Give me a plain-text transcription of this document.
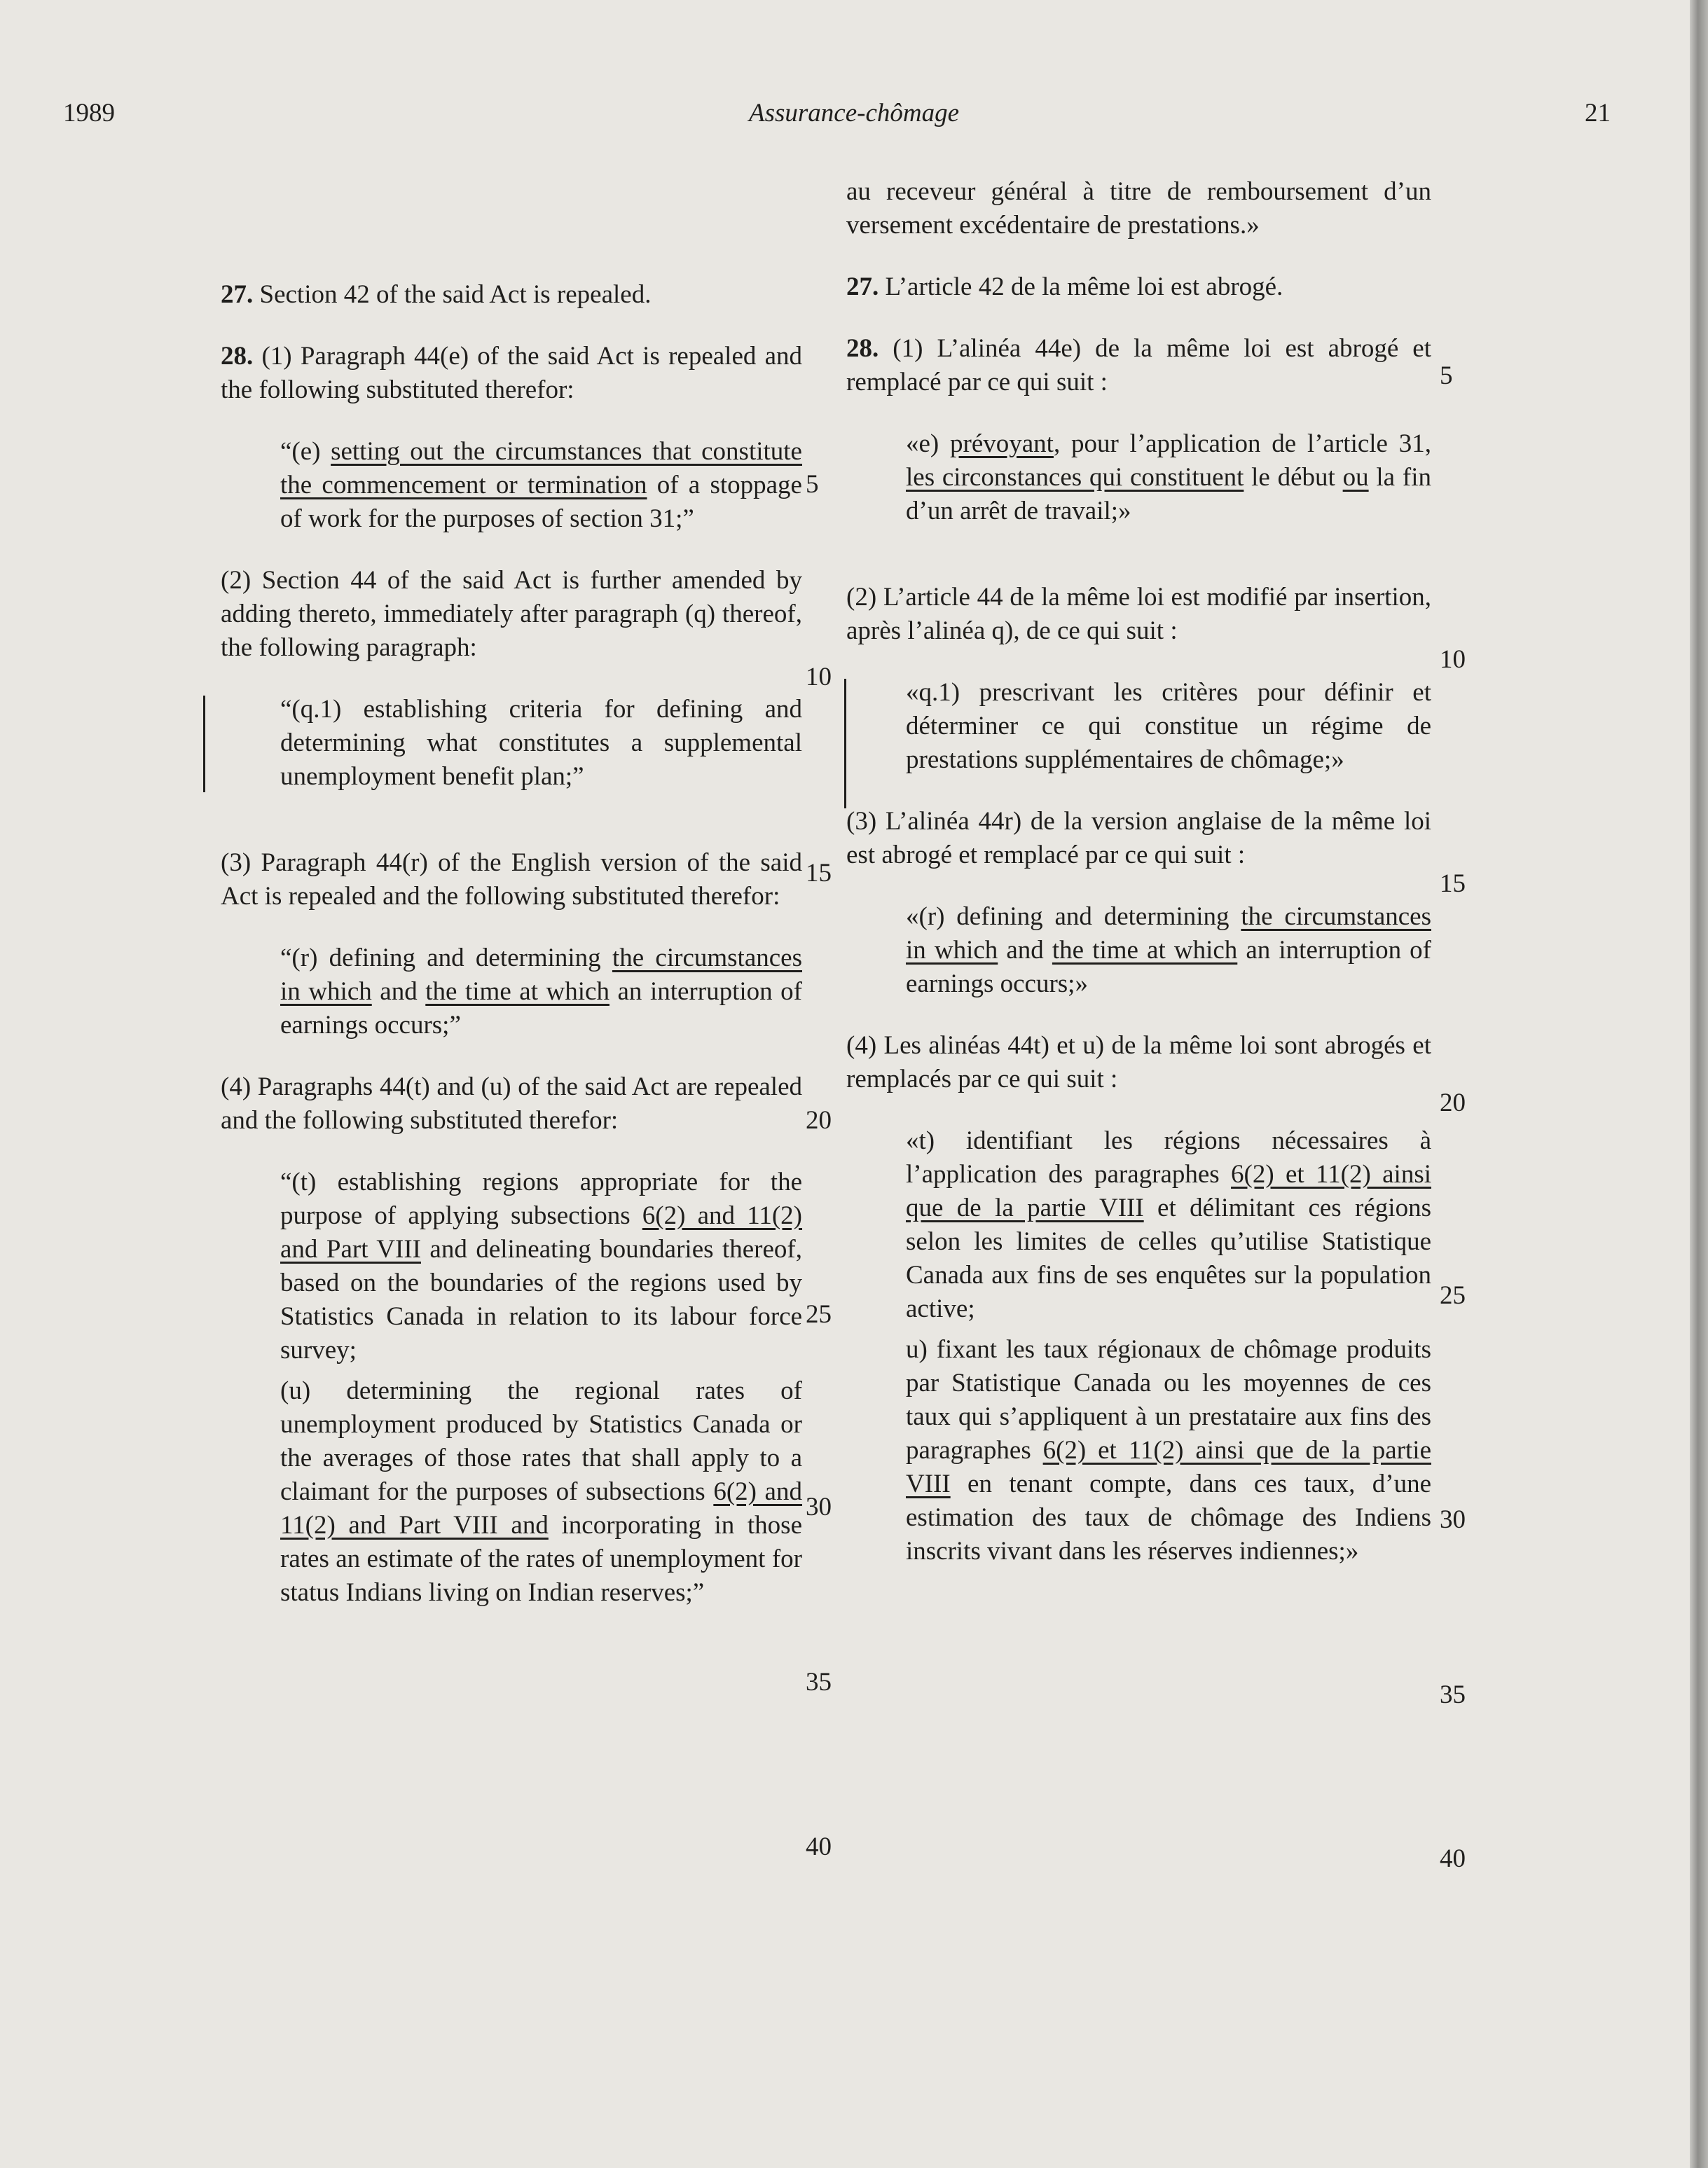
1989	Assurance-chômage	21

27. Section 42 of the said Act is repealed.

28. (1) Paragraph 44(e) of the said Act is repealed and the following substituted therefor:

“(e) setting out the circumstances that constitute the commencement or termination of a stoppage of work for the purposes of section 31;”

(2) Section 44 of the said Act is further amended by adding thereto, immediately after paragraph (q) thereof, the following paragraph:

“(q.1) establishing criteria for defining and determining what constitutes a supplemental unemployment benefit plan;”

(3) Paragraph 44(r) of the English version of the said Act is repealed and the following substituted therefor:

“(r) defining and determining the circumstances in which and the time at which an interruption of earnings occurs;”

(4) Paragraphs 44(t) and (u) of the said Act are repealed and the following substituted therefor:

“(t) establishing regions appropriate for the purpose of applying subsections 6(2) and 11(2) and Part VIII and delineating boundaries thereof, based on the boundaries of the regions used by Statistics Canada in relation to its labour force survey;

(u) determining the regional rates of unemployment produced by Statistics Canada or the averages of those rates that shall apply to a claimant for the purposes of subsections 6(2) and 11(2) and Part VIII and incorporating in those rates an estimate of the rates of unemployment for status Indians living on Indian reserves;”

au receveur général à titre de remboursement d’un versement excédentaire de prestations.»

27. L’article 42 de la même loi est abrogé.

28. (1) L’alinéa 44e) de la même loi est abrogé et remplacé par ce qui suit :

«e) prévoyant, pour l’application de l’article 31, les circonstances qui constituent le début ou la fin d’un arrêt de travail;»

(2) L’article 44 de la même loi est modifié par insertion, après l’alinéa q), de ce qui suit :

«q.1) prescrivant les critères pour définir et déterminer ce qui constitue un régime de prestations supplémentaires de chômage;»

(3) L’alinéa 44r) de la version anglaise de la même loi est abrogé et remplacé par ce qui suit :

«(r) defining and determining the circumstances in which and the time at which an interruption of earnings occurs;»

(4) Les alinéas 44t) et u) de la même loi sont abrogés et remplacés par ce qui suit :

«t) identifiant les régions nécessaires à l’application des paragraphes 6(2) et 11(2) ainsi que de la partie VIII et délimitant ces régions selon les limites de celles qu’utilise Statistique Canada aux fins de ses enquêtes sur la population active;

u) fixant les taux régionaux de chômage produits par Statistique Canada ou les moyennes de ces taux qui s’appliquent à un prestataire aux fins des paragraphes 6(2) et 11(2) ainsi que de la partie VIII en tenant compte, dans ces taux, d’une estimation des taux de chômage des Indiens inscrits vivant dans les réserves indiennes;»

5
10
15
20
25
30
35
40
5
10
15
20
25
30
35
40
